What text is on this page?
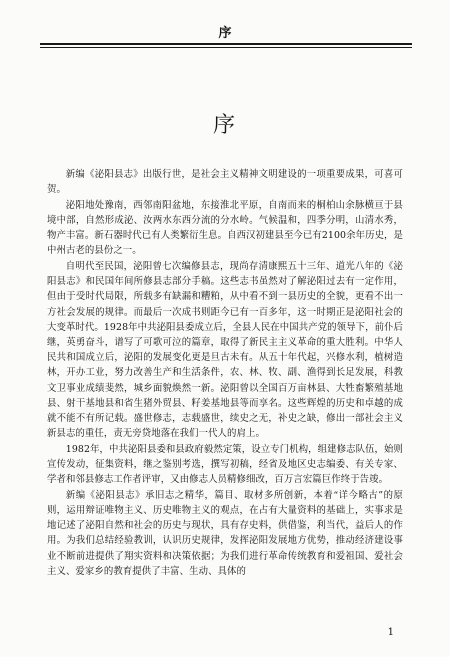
序
序

新编《泌阳县志》出版行世，是社会主义精神文明建设的一项重要成果，可喜可贺。

泌阳地处豫南，西邻南阳盆地，东接淮北平原，自南而来的桐柏山余脉横亘于县境中部，自然形成泌、汝两水东西分流的分水岭。气候温和，四季分明，山清水秀，物产丰富。新石器时代已有人类繁衍生息。自西汉初建县至今已有2100余年历史，是中州古老的县份之一。

自明代至民国，泌阳曾七次编修县志，现尚存清康熙五十三年、道光八年的《泌阳县志》和民国年间所修县志部分手稿。这些志书虽然对了解泌阳过去有一定作用，但由于受时代局限，所载多有缺漏和糟粕，从中看不到一县历史的全貌，更看不出一方社会发展的规律。而最后一次成书则距今已有一百多年，这一时期正是泌阳社会的大变革时代。1928年中共泌阳县委成立后，全县人民在中国共产党的领导下，前仆后继，英勇奋斗，谱写了可歌可泣的篇章，取得了新民主主义革命的重大胜利。中华人民共和国成立后，泌阳的发展变化更是旦古未有。从五十年代起，兴修水利，植树造林，开办工业，努力改善生产和生活条件，农、林、牧、副、渔得到长足发展，科教文卫事业成绩斐然，城乡面貌焕然一新。泌阳曾以全国百万亩林县、大牲畜繁殖基地县、射干基地县和省生猪外贸县、籽姜基地县等而享名。这些辉煌的历史和卓越的成就不能不有所记载。盛世修志，志载盛世，续史之无，补史之缺，修出一部社会主义新县志的重任，责无旁贷地落在我们一代人的肩上。

1982年，中共泌阳县委和县政府毅然定策，设立专门机构，组建修志队伍，始则宣传发动，征集资料，继之鉴别考选，撰写初稿，经省及地区史志编委、有关专家、学者和邻县修志工作者评审，又由修志人员精修细改，百万言宏篇巨作终于告竣。

新编《泌阳县志》承旧志之精华，篇目、取材多所创新，本着“详今略古”的原则，运用辩证唯物主义、历史唯物主义的观点，在占有大量资料的基础上，实事求是地记述了泌阳自然和社会的历史与现状，具有存史料，供借鉴，利当代，益后人的作用。为我们总结经验教训，认识历史规律，发挥泌阳发展地方优势，推动经济建设事业不断前进提供了翔实资料和决策依据；为我们进行革命传统教育和爱祖国、爱社会主义、爱家乡的教育提供了丰富、生动、具体的

1
